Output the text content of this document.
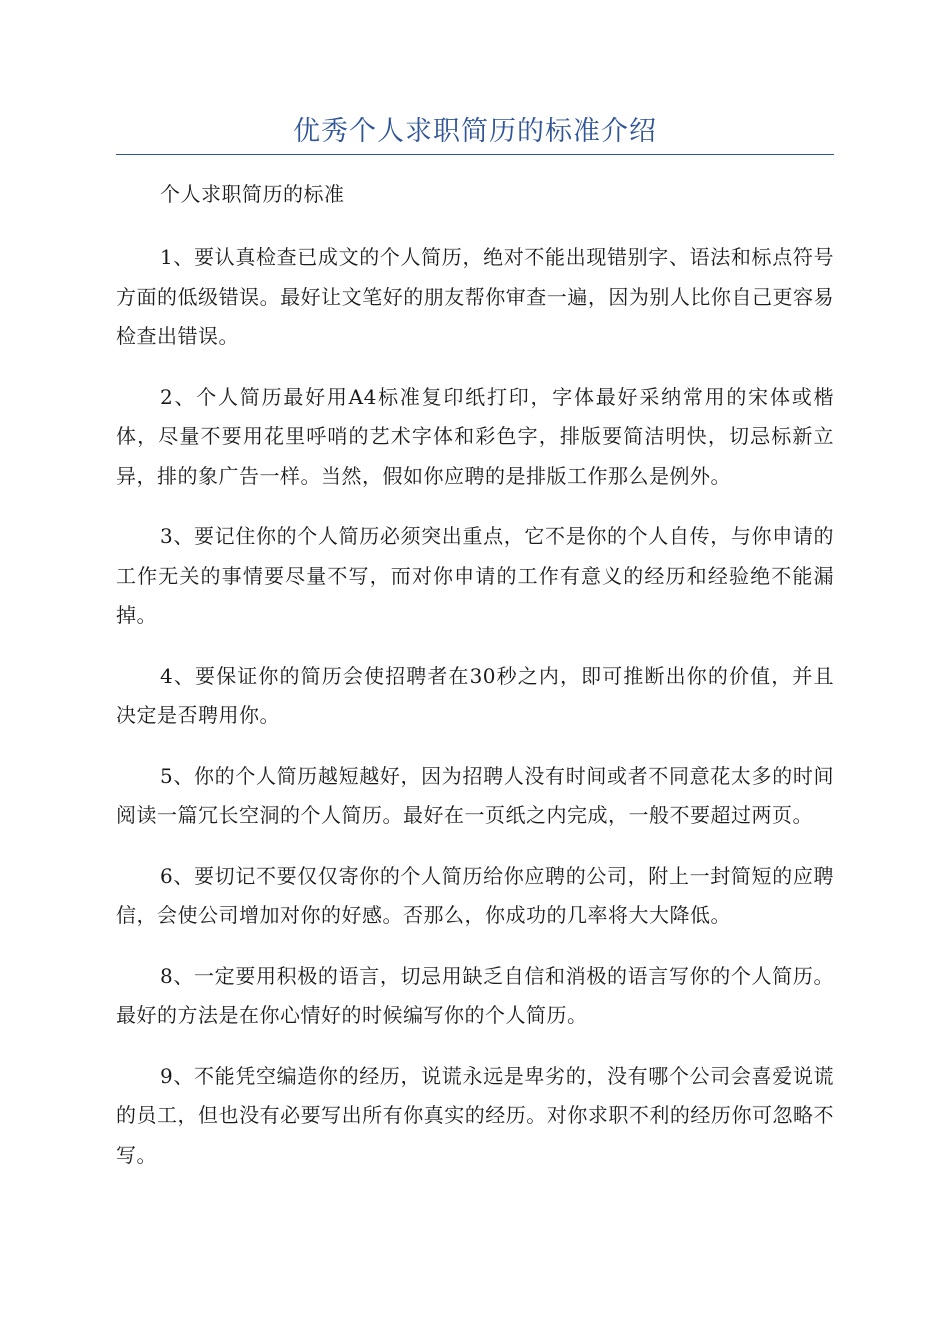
优秀个人求职简历的标准介绍

个人求职简历的标准

1、要认真检查已成文的个人简历，绝对不能出现错别字、语法和标点符号方面的低级错误。最好让文笔好的朋友帮你审查一遍，因为别人比你自己更容易检查出错误。

2、个人简历最好用A4标准复印纸打印，字体最好采纳常用的宋体或楷体，尽量不要用花里呼哨的艺术字体和彩色字，排版要简洁明快，切忌标新立异，排的象广告一样。当然，假如你应聘的是排版工作那么是例外。

3、要记住你的个人简历必须突出重点，它不是你的个人自传，与你申请的工作无关的事情要尽量不写，而对你申请的工作有意义的经历和经验绝不能漏掉。

4、要保证你的简历会使招聘者在30秒之内，即可推断出你的价值，并且决定是否聘用你。

5、你的个人简历越短越好，因为招聘人没有时间或者不同意花太多的时间阅读一篇冗长空洞的个人简历。最好在一页纸之内完成，一般不要超过两页。

6、要切记不要仅仅寄你的个人简历给你应聘的公司，附上一封简短的应聘信，会使公司增加对你的好感。否那么，你成功的几率将大大降低。

8、一定要用积极的语言，切忌用缺乏自信和消极的语言写你的个人简历。最好的方法是在你心情好的时候编写你的个人简历。

9、不能凭空编造你的经历，说谎永远是卑劣的，没有哪个公司会喜爱说谎的员工，但也没有必要写出所有你真实的经历。对你求职不利的经历你可忽略不写。
